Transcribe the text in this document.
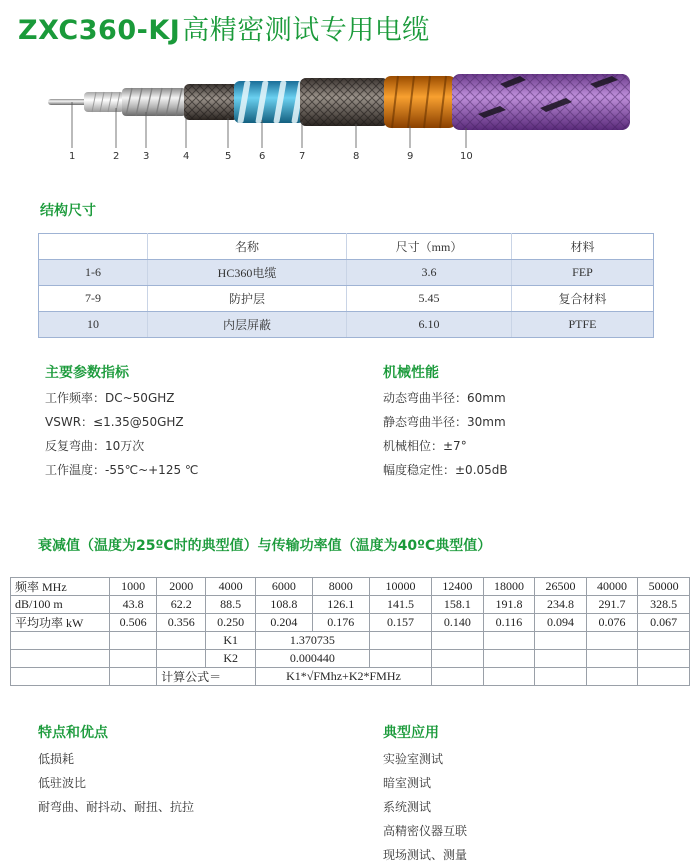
ZXC360-KJ高精密测试专用电缆
1	2 3	4	5	6	7	8	9	10
结构尺寸
	名称	尺寸（mm）	材料
1-6	HC360电缆	3.6	FEP
7-9	防护层	5.45	复合材料
10	内层屏蔽	6.10	PTFE
主要参数指标
工作频率：DC~50GHZ
VSWR：≤1.35@50GHZ
反复弯曲：10万次
工作温度：-55℃~+125 ℃
机械性能
动态弯曲半径：60mm
静态弯曲半径：30mm
机械相位：±7°
幅度稳定性：±0.05dB
衰减值（温度为25ºC时的典型值）与传输功率值（温度为40ºC典型值）
频率 MHz	1000	2000	4000	6000	8000	10000	12400	18000	26500	40000	50000
dB/100 m	43.8	62.2	88.5	108.8	126.1	141.5	158.1	191.8	234.8	291.7	328.5
平均功率 kW	0.506	0.356	0.250	0.204	0.176	0.157	0.140	0.116	0.094	0.076	0.067
			K1	1.370735							
			K2	0.000440							
		计算公式＝		K1*√FMhz+K2*FMHz							
特点和优点
低损耗
低驻波比
耐弯曲、耐抖动、耐扭、抗拉
典型应用
实验室测试
暗室测试
系统测试
高精密仪器互联
现场测试、测量
